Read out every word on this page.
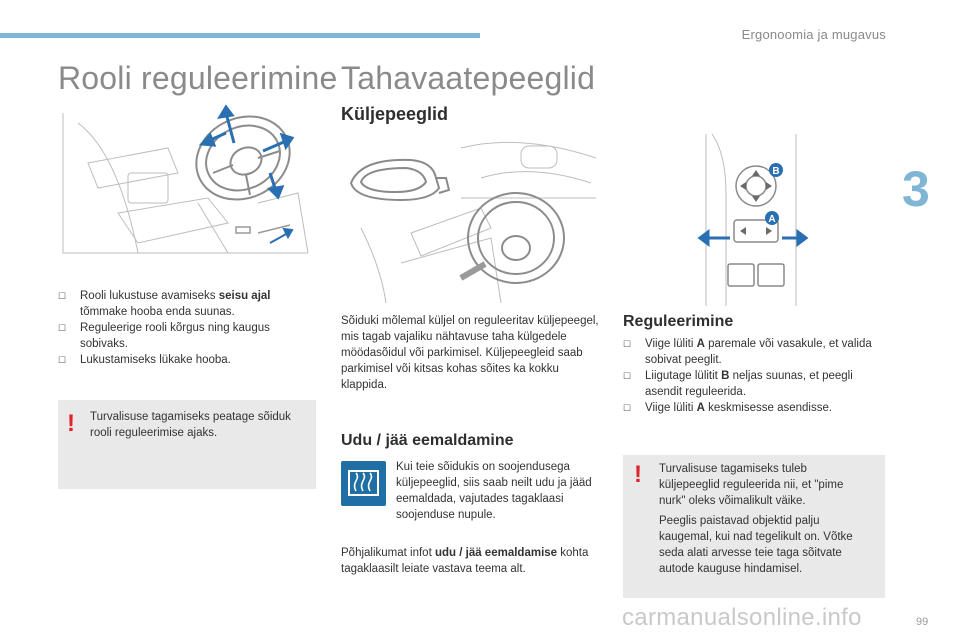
Ergonoomia ja mugavus
3
Rooli reguleerimine
☐ Rooli lukustuse avamiseks seisu ajal tõmmake hooba enda suunas.
☐ Reguleerige rooli kõrgus ning kaugus sobivaks.
☐ Lukustamiseks lükake hooba.
! Turvalisuse tagamiseks peatage sõiduk rooli reguleerimise ajaks.
Tahavaatepeeglid
Küljepeeglid
Sõiduki mõlemal küljel on reguleeritav küljepeegel, mis tagab vajaliku nähtavuse taha külgedele möödasõidul või parkimisel. Küljepeegleid saab parkimisel või kitsas kohas sõites ka kokku klappida.
Udu / jää eemaldamine
Kui teie sõidukis on soojendusega küljepeeglid, siis saab neilt udu ja jääd eemaldada, vajutades tagaklaasi soojenduse nupule.
Põhjalikumat infot udu / jää eemaldamise kohta tagaklaasilt leiate vastava teema alt.
B
A
Reguleerimine
☐ Viige lüliti A paremale või vasakule, et valida sobivat peeglit.
☐ Liigutage lülitit B neljas suunas, et peegli asendit reguleerida.
☐ Viige lüliti A keskmisesse asendisse.
! Turvalisuse tagamiseks tuleb küljepeeglid reguleerida nii, et "pime nurk" oleks võimalikult väike.
Peeglis paistavad objektid palju kaugemal, kui nad tegelikult on. Võtke seda alati arvesse teie taga sõitvate autode kauguse hindamisel.
carmanualsonline.info	99
